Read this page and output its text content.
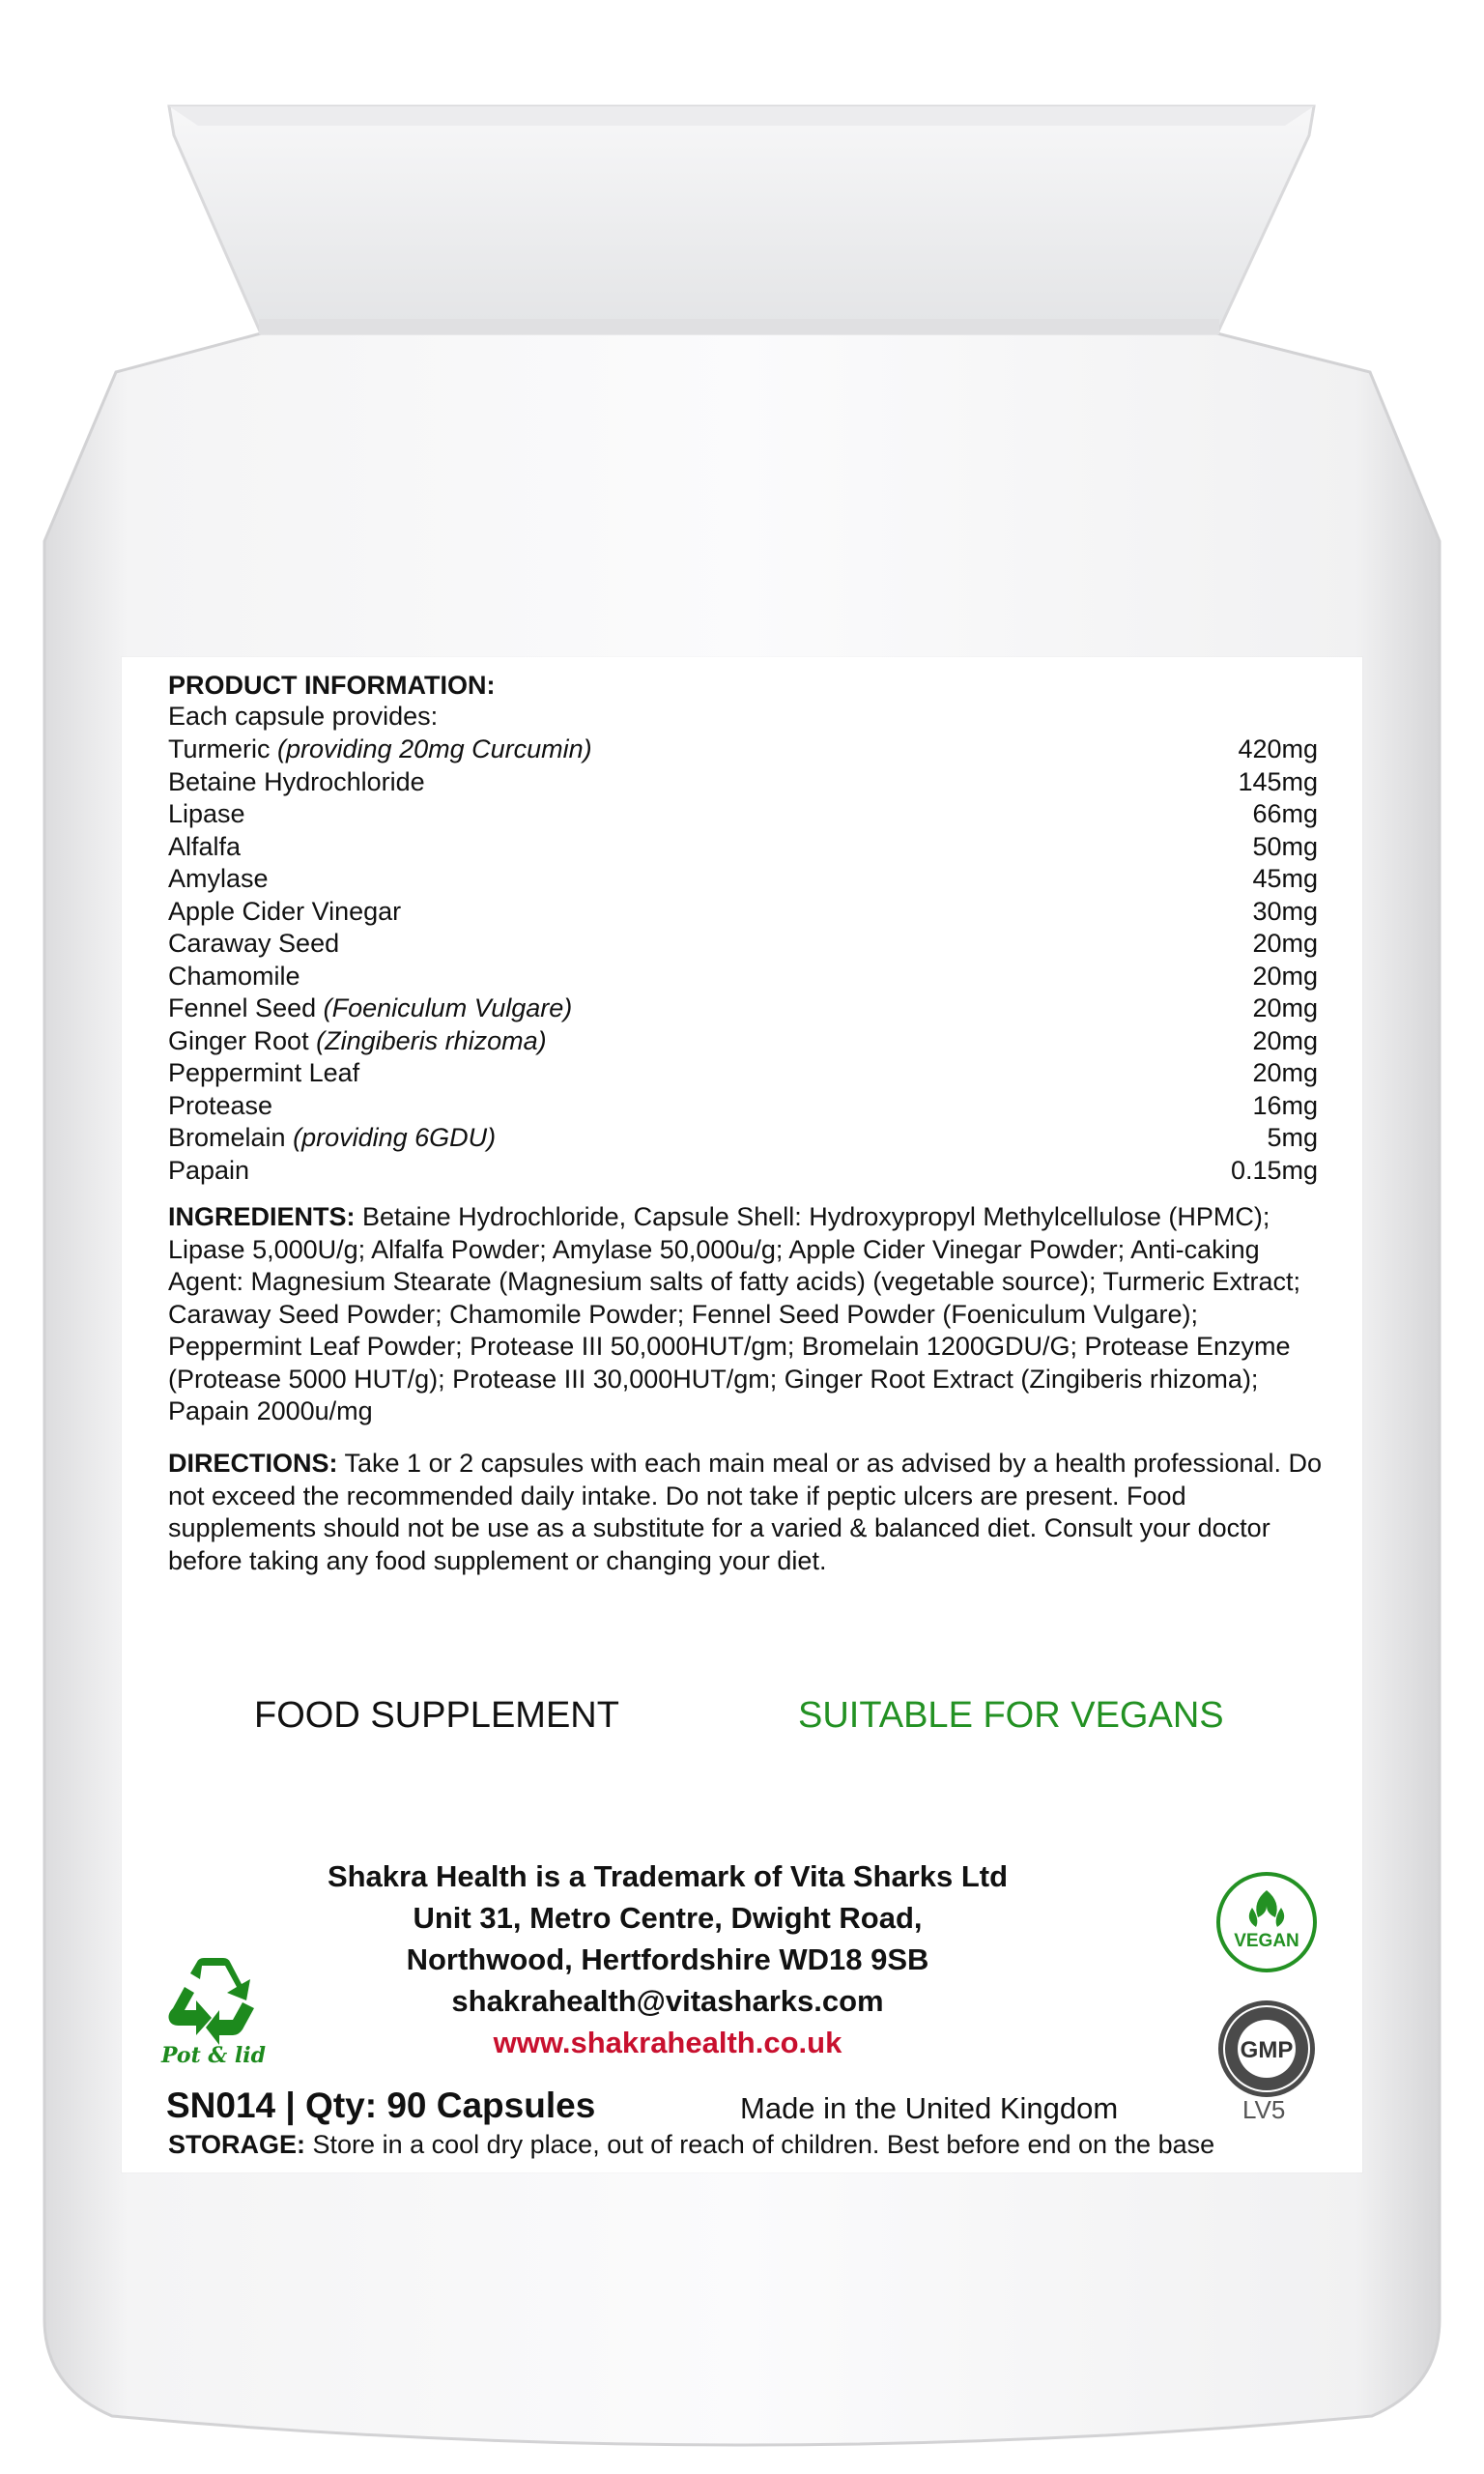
PRODUCT INFORMATION:
Each capsule provides:
Turmeric (providing 20mg Curcumin)	420mg
Betaine Hydrochloride	145mg
Lipase	66mg
Alfalfa	50mg
Amylase	45mg
Apple Cider Vinegar	30mg
Caraway Seed	20mg
Chamomile	20mg
Fennel Seed (Foeniculum Vulgare)	20mg
Ginger Root (Zingiberis rhizoma)	20mg
Peppermint Leaf	20mg
Protease	16mg
Bromelain (providing 6GDU)	5mg
Papain	0.15mg
INGREDIENTS: Betaine Hydrochloride, Capsule Shell: Hydroxypropyl Methylcellulose (HPMC); Lipase 5,000U/g; Alfalfa Powder; Amylase 50,000u/g; Apple Cider Vinegar Powder; Anti-caking Agent: Magnesium Stearate (Magnesium salts of fatty acids) (vegetable source); Turmeric Extract; Caraway Seed Powder; Chamomile Powder; Fennel Seed Powder (Foeniculum Vulgare); Peppermint Leaf Powder; Protease III 50,000HUT/gm; Bromelain 1200GDU/G; Protease Enzyme (Protease 5000 HUT/g); Protease III 30,000HUT/gm; Ginger Root Extract (Zingiberis rhizoma); Papain 2000u/mg
DIRECTIONS: Take 1 or 2 capsules with each main meal or as advised by a health professional. Do not exceed the recommended daily intake. Do not take if peptic ulcers are present. Food supplements should not be use as a substitute for a varied & balanced diet. Consult your doctor before taking any food supplement or changing your diet.
FOOD SUPPLEMENT	SUITABLE FOR VEGANS
Shakra Health is a Trademark of Vita Sharks Ltd
Unit 31, Metro Centre, Dwight Road,
Northwood, Hertfordshire WD18 9SB
shakrahealth@vitasharks.com
www.shakrahealth.co.uk
Pot & lid
VEGAN
GMP
SN014 | Qty: 90 Capsules	Made in the United Kingdom	LV5
STORAGE: Store in a cool dry place, out of reach of children. Best before end on the base
